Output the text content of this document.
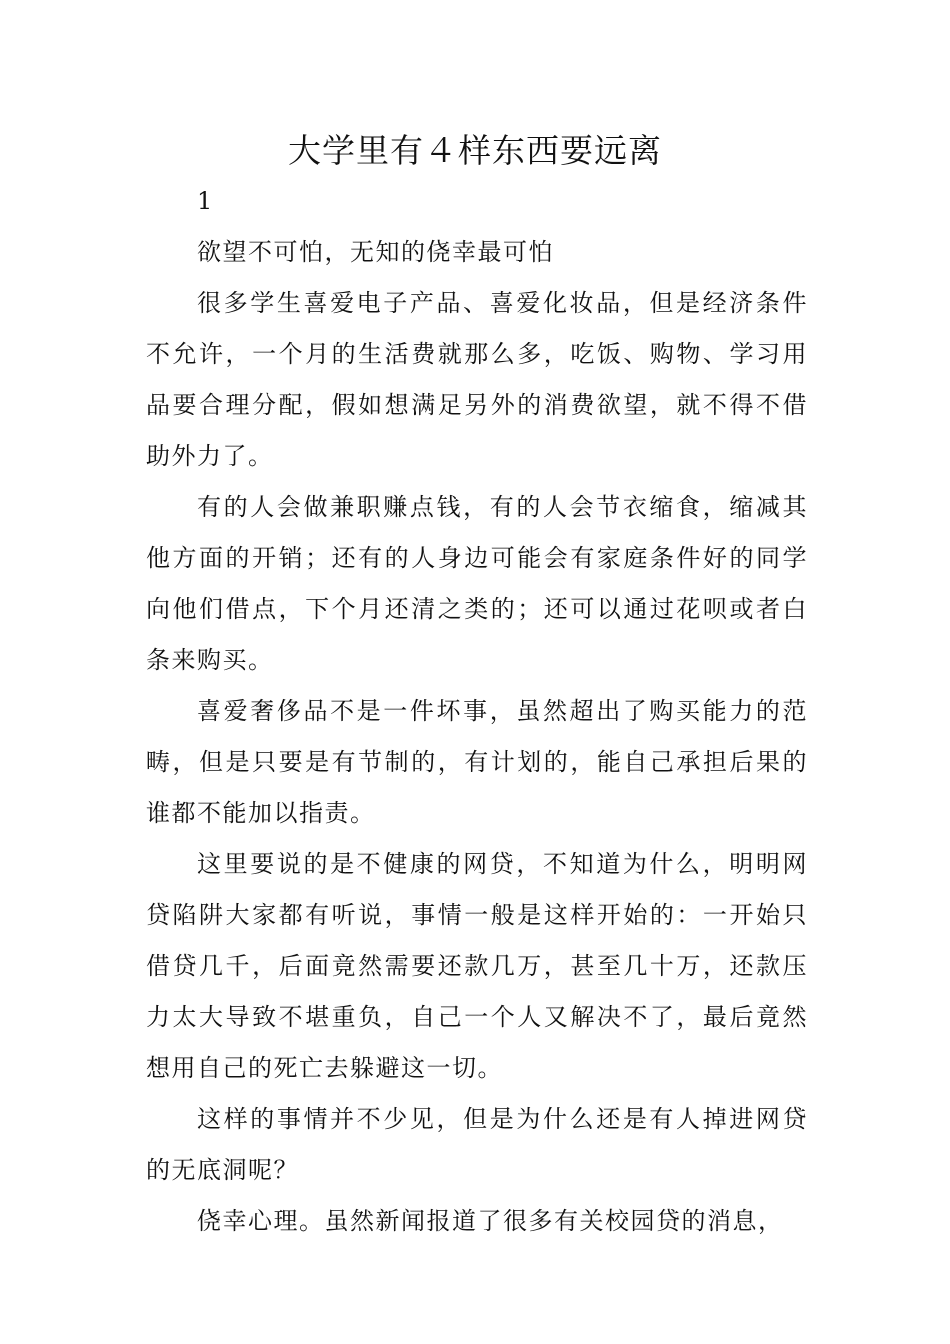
大学里有４样东西要远离

1

欲望不可怕，无知的侥幸最可怕

很多学生喜爱电子产品、喜爱化妆品，但是经济条件不允许，一个月的生活费就那么多，吃饭、购物、学习用品要合理分配，假如想满足另外的消费欲望，就不得不借助外力了。

有的人会做兼职赚点钱，有的人会节衣缩食，缩减其他方面的开销；还有的人身边可能会有家庭条件好的同学向他们借点，下个月还清之类的；还可以通过花呗或者白条来购买。

喜爱奢侈品不是一件坏事，虽然超出了购买能力的范畴，但是只要是有节制的，有计划的，能自己承担后果的谁都不能加以指责。

这里要说的是不健康的网贷，不知道为什么，明明网贷陷阱大家都有听说，事情一般是这样开始的：一开始只借贷几千，后面竟然需要还款几万，甚至几十万，还款压力太大导致不堪重负，自己一个人又解决不了，最后竟然想用自己的死亡去躲避这一切。

这样的事情并不少见，但是为什么还是有人掉进网贷的无底洞呢？

侥幸心理。虽然新闻报道了很多有关校园贷的消息，
